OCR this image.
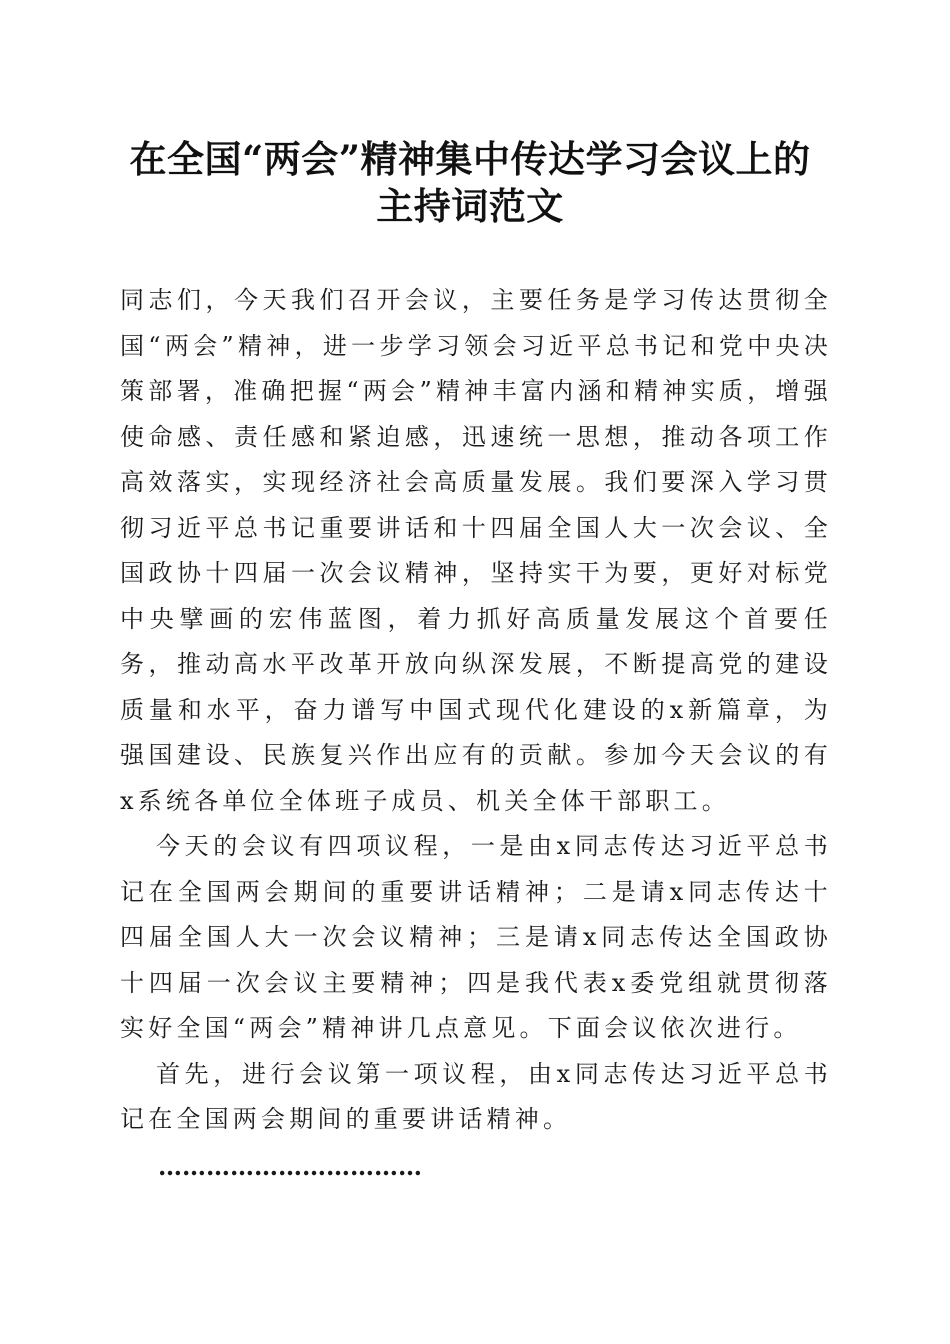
在全国“两会”精神集中传达学习会议上的主持词范文

同志们，今天我们召开会议，主要任务是学习传达贯彻全国“两会”精神，进一步学习领会习近平总书记和党中央决策部署，准确把握“两会”精神丰富内涵和精神实质，增强使命感、责任感和紧迫感，迅速统一思想，推动各项工作高效落实，实现经济社会高质量发展。我们要深入学习贯彻习近平总书记重要讲话和十四届全国人大一次会议、全国政协十四届一次会议精神，坚持实干为要，更好对标党中央擘画的宏伟蓝图，着力抓好高质量发展这个首要任务，推动高水平改革开放向纵深发展，不断提高党的建设质量和水平，奋力谱写中国式现代化建设的x新篇章，为强国建设、民族复兴作出应有的贡献。参加今天会议的有x系统各单位全体班子成员、机关全体干部职工。

今天的会议有四项议程，一是由x同志传达习近平总书记在全国两会期间的重要讲话精神；二是请x同志传达十四届全国人大一次会议精神；三是请x同志传达全国政协十四届一次会议主要精神；四是我代表x委党组就贯彻落实好全国“两会”精神讲几点意见。下面会议依次进行。

首先，进行会议第一项议程，由x同志传达习近平总书记在全国两会期间的重要讲话精神。

……………………………
